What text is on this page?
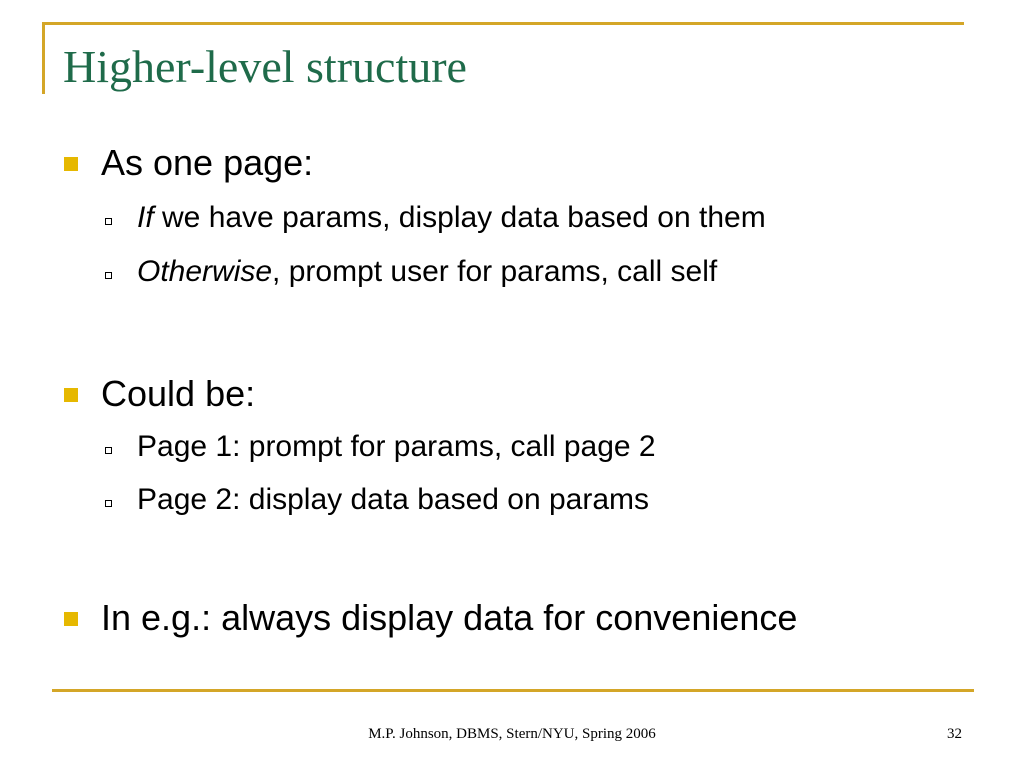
Higher-level structure
As one page:
If we have params, display data based on them
Otherwise, prompt user for params, call self
Could be:
Page 1: prompt for params, call page 2
Page 2: display data based on params
In e.g.: always display data for convenience
M.P. Johnson, DBMS, Stern/NYU, Spring 2006	32
